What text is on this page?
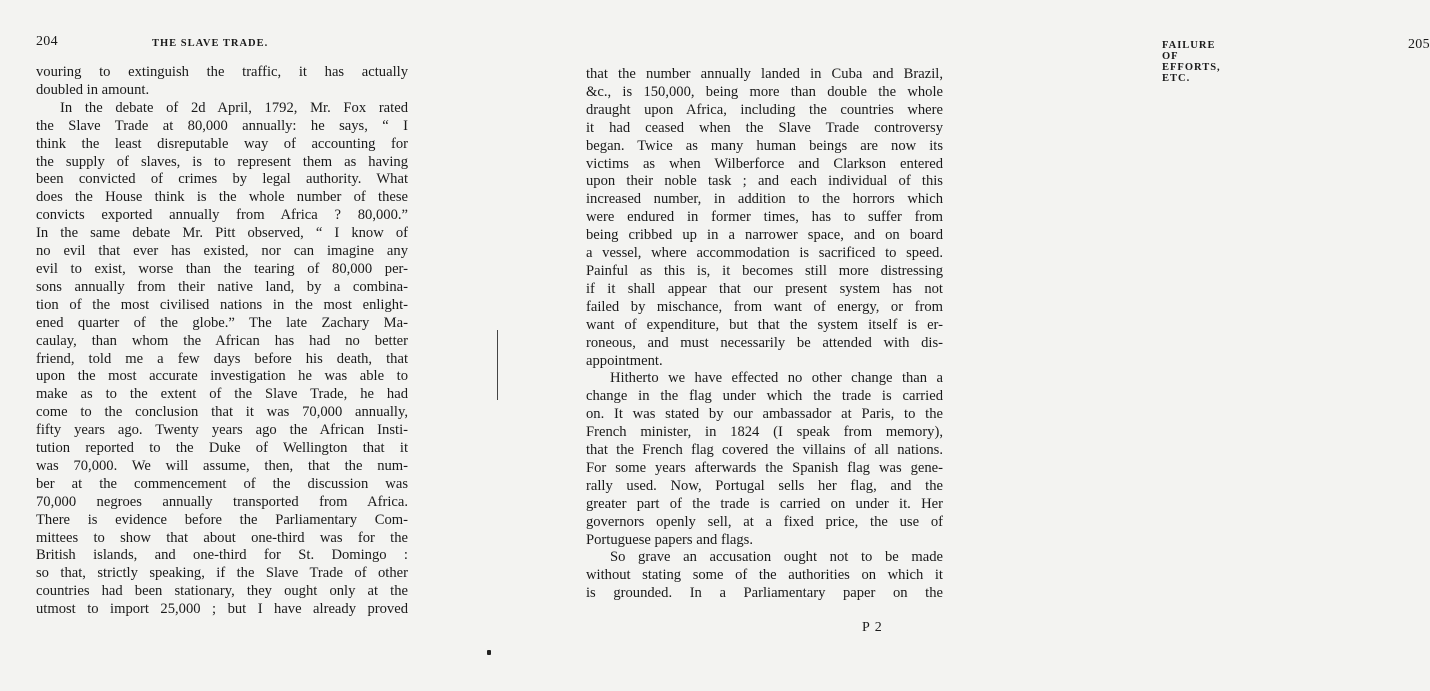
204	THE SLAVE TRADE.
vouring to extinguish the traffic, it has actually
doubled in amount.
In the debate of 2d April, 1792, Mr. Fox rated
the Slave Trade at 80,000 annually: he says, “ I
think the least disreputable way of accounting for
the supply of slaves, is to represent them as having
been convicted of crimes by legal authority. What
does the House think is the whole number of these
convicts exported annually from Africa ? 80,000.”
In the same debate Mr. Pitt observed, “ I know of
no evil that ever has existed, nor can imagine any
evil to exist, worse than the tearing of 80,000 per-
sons annually from their native land, by a combina-
tion of the most civilised nations in the most enlight-
ened quarter of the globe.” The late Zachary Ma-
caulay, than whom the African has had no better
friend, told me a few days before his death, that
upon the most accurate investigation he was able to
make as to the extent of the Slave Trade, he had
come to the conclusion that it was 70,000 annually,
fifty years ago. Twenty years ago the African Insti-
tution reported to the Duke of Wellington that it
was 70,000. We will assume, then, that the num-
ber at the commencement of the discussion was
70,000 negroes annually transported from Africa.
There is evidence before the Parliamentary Com-
mittees to show that about one-third was for the
British islands, and one-third for St. Domingo :
so that, strictly speaking, if the Slave Trade of other
countries had been stationary, they ought only at the
utmost to import 25,000 ; but I have already proved
FAILURE OF EFFORTS, ETC.
205
that the number annually landed in Cuba and Brazil,
&c., is 150,000, being more than double the whole
draught upon Africa, including the countries where
it had ceased when the Slave Trade controversy
began. Twice as many human beings are now its
victims as when Wilberforce and Clarkson entered
upon their noble task ; and each individual of this
increased number, in addition to the horrors which
were endured in former times, has to suffer from
being cribbed up in a narrower space, and on board
a vessel, where accommodation is sacrificed to speed.
Painful as this is, it becomes still more distressing
if it shall appear that our present system has not
failed by mischance, from want of energy, or from
want of expenditure, but that the system itself is er-
roneous, and must necessarily be attended with dis-
appointment.
Hitherto we have effected no other change than a
change in the flag under which the trade is carried
on. It was stated by our ambassador at Paris, to the
French minister, in 1824 (I speak from memory),
that the French flag covered the villains of all nations.
For some years afterwards the Spanish flag was gene-
rally used. Now, Portugal sells her flag, and the
greater part of the trade is carried on under it. Her
governors openly sell, at a fixed price, the use of
Portuguese papers and flags.
So grave an accusation ought not to be made
without stating some of the authorities on which it
is grounded. In a Parliamentary paper on the
P 2
